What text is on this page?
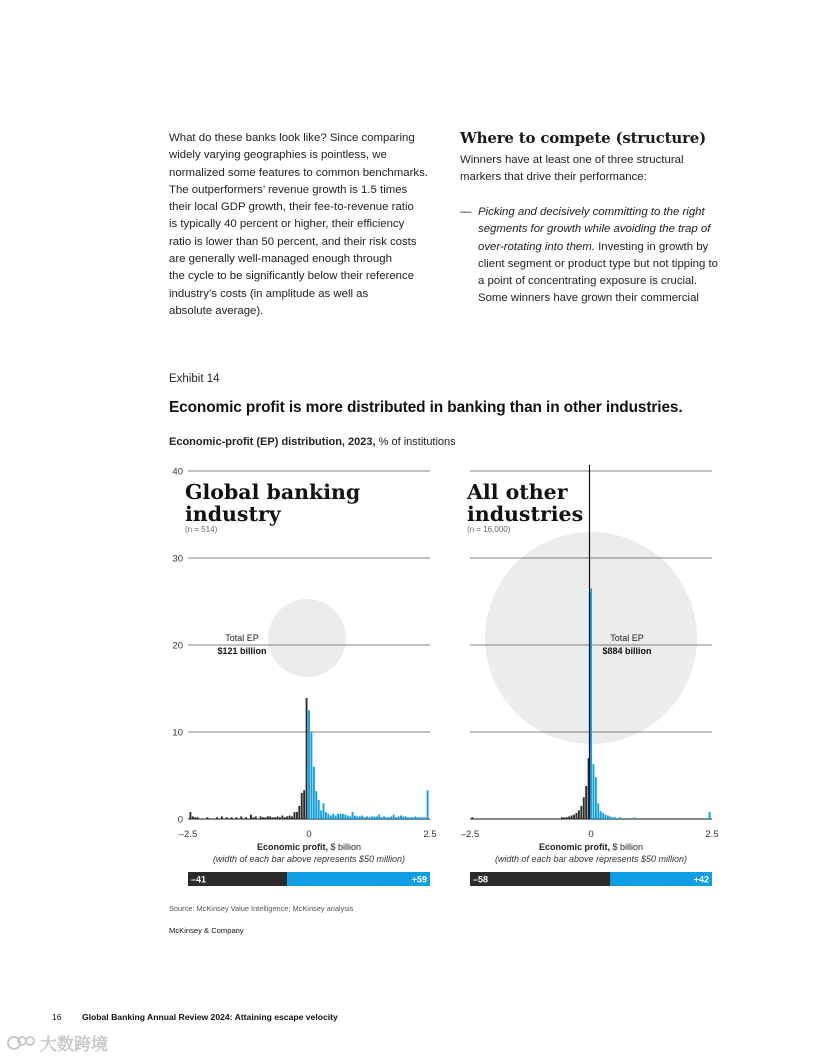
What do these banks look like? Since comparing

widely varying geographies is pointless, we

normalized some features to common benchmarks.

The outperformers’ revenue growth is 1.5 times

their local GDP growth, their fee-to-revenue ratio

is typically 40 percent or higher, their efficiency

ratio is lower than 50 percent, and their risk costs

are generally well-managed enough through

the cycle to be significantly below their reference

industry’s costs (in amplitude as well as

absolute average).

Where to compete (structure)

Winners have at least one of three structural

markers that drive their performance:

— Picking and decisively committing to the right

segments for growth while avoiding the trap of

over-rotating into them. Investing in growth by

client segment or product type but not tipping to

a point of concentrating exposure is crucial.

Some winners have grown their commercial

Exhibit 14
Economic profit is more distributed in banking than in other industries.
Economic-profit (EP) distribution, 2023, % of institutions
40
30
20
10
0
Global banking
industry
(n = 514)
Total EP
$121 billion
–2.5	0	2.5
Economic profit, $ billion
(width of each bar above represents $50 million)
–41	+59
All other
industries
(n = 16,000)
Total EP
$884 billion
–2.5	0	2.5
Economic profit, $ billion
(width of each bar above represents $50 million)
–58	+42
Source: McKinsey Value Intelligence; McKinsey analysis
McKinsey & Company
16 Global Banking Annual Review 2024: Attaining escape velocity
大数跨境
